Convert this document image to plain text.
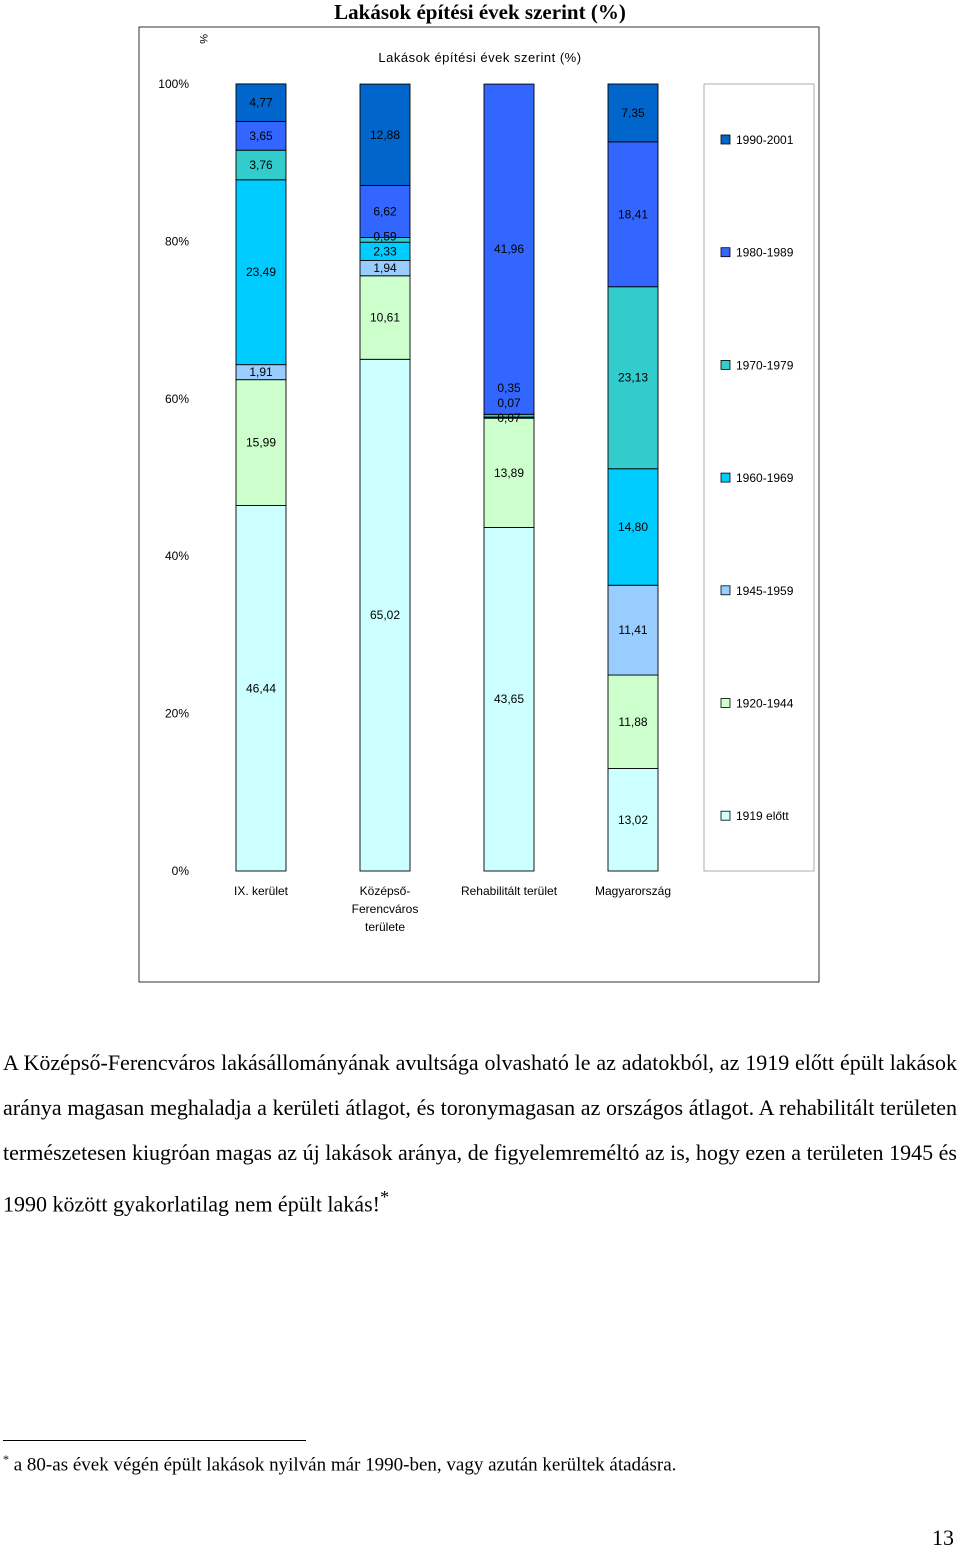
Lakások építési évek szerint (%)
%
Lakások építési évek szerint (%)
0%
20%
40%
60%
80%
100%
46,44
15,99
1,91
23,49
3,76
3,65
4,77
65,02
10,61
1,94
2,33
0,59
6,62
12,88
43,65
13,89
0,07
0,07
0,35
41,96
13,02
11,88
11,41
14,80
23,13
18,41
7,35
IX. kerület	Középső-
Ferencváros
területe
Rehabilitált terület	Magyarország
1990-2001
1980-1989
1970-1979
1960-1969
1945-1959
1920-1944
1919 előtt

A Középső-Ferencváros lakásállományának avultsága olvasható le az adatokból, az 1919 előtt épült lakások aránya magasan meghaladja a kerületi átlagot, és toronymagasan az országos átlagot. A rehabilitált területen természetesen kiugróan magas az új lakások aránya, de figyelemreméltó az is, hogy ezen a területen 1945 és 1990 között gyakorlatilag nem épült lakás!*

* a 80-as évek végén épült lakások nyilván már 1990-ben, vagy azután kerültek átadásra.
13
